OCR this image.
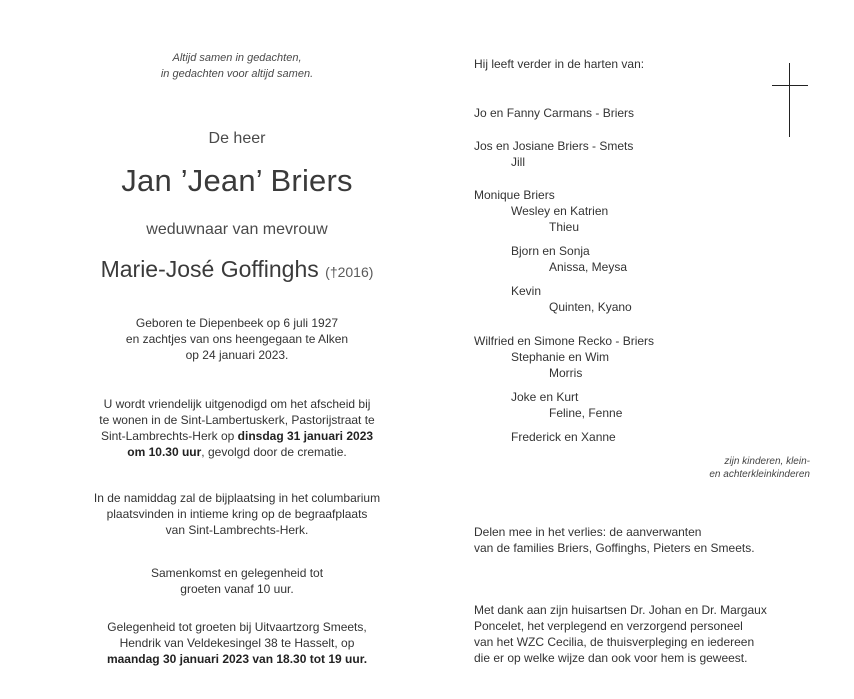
Altijd samen in gedachten,
in gedachten voor altijd samen.
De heer
Jan ’Jean’ Briers
weduwnaar van mevrouw
Marie-José Goffinghs (†2016)
Geboren te Diepenbeek op 6 juli 1927
en zachtjes van ons heengegaan te Alken
op 24 januari 2023.
U wordt vriendelijk uitgenodigd om het afscheid bij
te wonen in de Sint-Lambertuskerk, Pastorijstraat te
Sint-Lambrechts-Herk op dinsdag 31 januari 2023
om 10.30 uur, gevolgd door de crematie.
In de namiddag zal de bijplaatsing in het columbarium
plaatsvinden in intieme kring op de begraafplaats
van Sint-Lambrechts-Herk.
Samenkomst en gelegenheid tot
groeten vanaf 10 uur.
Gelegenheid tot groeten bij Uitvaartzorg Smeets,
Hendrik van Veldekesingel 38 te Hasselt, op
maandag 30 januari 2023 van 18.30 tot 19 uur.
Hij leeft verder in de harten van:
Jo en Fanny Carmans - Briers
Jos en Josiane Briers - Smets
Jill
Monique Briers
Wesley en Katrien
Thieu
Bjorn en Sonja
Anissa, Meysa
Kevin
Quinten, Kyano
Wilfried en Simone Recko - Briers
Stephanie en Wim
Morris
Joke en Kurt
Feline, Fenne
Frederick en Xanne
zijn kinderen, klein-
en achterkleinkinderen
Delen mee in het verlies: de aanverwanten
van de families Briers, Goffinghs, Pieters en Smeets.
Met dank aan zijn huisartsen Dr. Johan en Dr. Margaux
Poncelet, het verplegend en verzorgend personeel
van het WZC Cecilia, de thuisverpleging en iedereen
die er op welke wijze dan ook voor hem is geweest.
